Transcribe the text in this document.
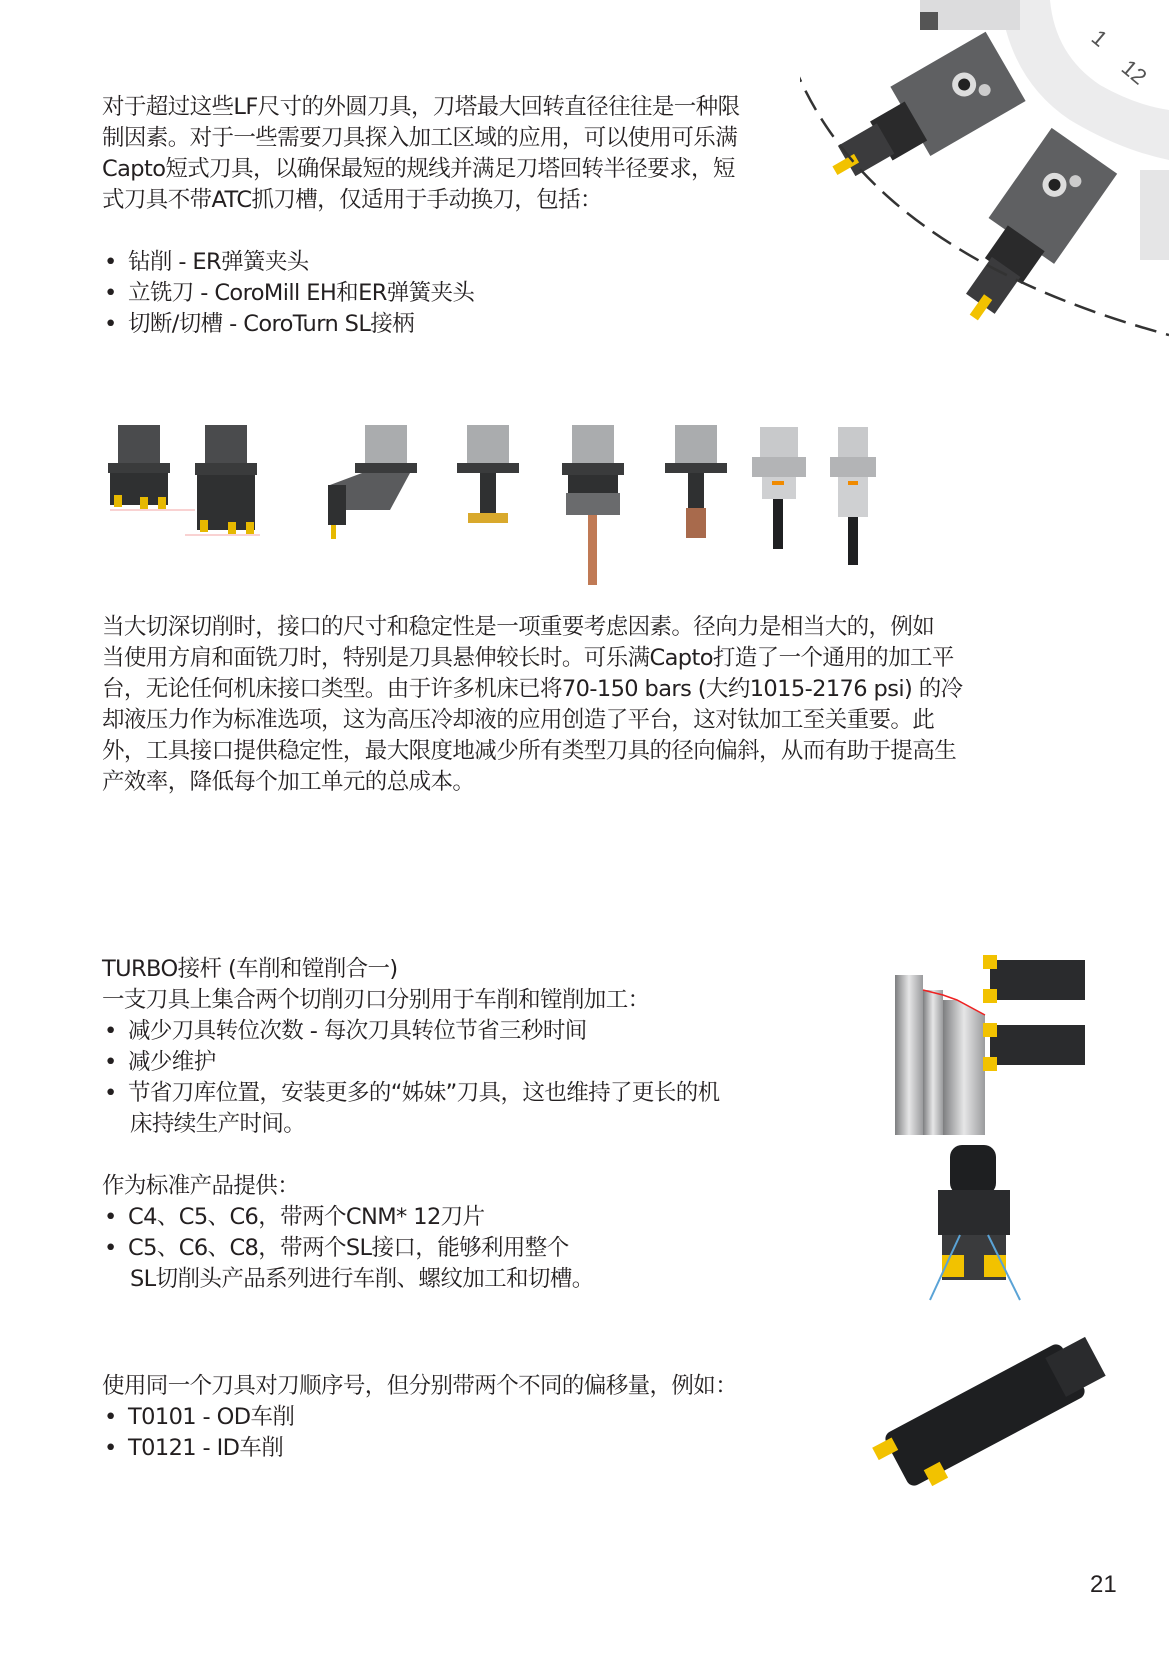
1
12
对于超过这些LF尺寸的外圆刀具，刀塔最大回转直径往往是一种限
制因素。对于一些需要刀具探入加工区域的应用，可以使用可乐满
Capto短式刀具，以确保最短的规线并满足刀塔回转半径要求，短
式刀具不带ATC抓刀槽，仅适用于手动换刀，包括：
• 钻削 - ER弹簧夹头
• 立铣刀 - CoroMill EH和ER弹簧夹头
• 切断/切槽 - CoroTurn SL接柄
当大切深切削时，接口的尺寸和稳定性是一项重要考虑因素。径向力是相当大的，例如
当使用方肩和面铣刀时，特别是刀具悬伸较长时。可乐满Capto打造了一个通用的加工平
台，无论任何机床接口类型。由于许多机床已将70-150 bars (大约1015-2176 psi) 的冷
却液压力作为标准选项，这为高压冷却液的应用创造了平台，这对钛加工至关重要。此
外，工具接口提供稳定性，最大限度地减少所有类型刀具的径向偏斜，从而有助于提高生
产效率，降低每个加工单元的总成本。
TURBO接杆 (车削和镗削合一)
一支刀具上集合两个切削刃口分别用于车削和镗削加工：
• 减少刀具转位次数 - 每次刀具转位节省三秒时间
• 减少维护
• 节省刀库位置，安装更多的“姊妹”刀具，这也维持了更长的机
床持续生产时间。
作为标准产品提供：
• C4、C5、C6，带两个CNM* 12刀片
• C5、C6、C8，带两个SL接口，能够利用整个
SL切削头产品系列进行车削、螺纹加工和切槽。
使用同一个刀具对刀顺序号，但分别带两个不同的偏移量，例如：
• T0101 - OD车削
• T0121 - ID车削
21
